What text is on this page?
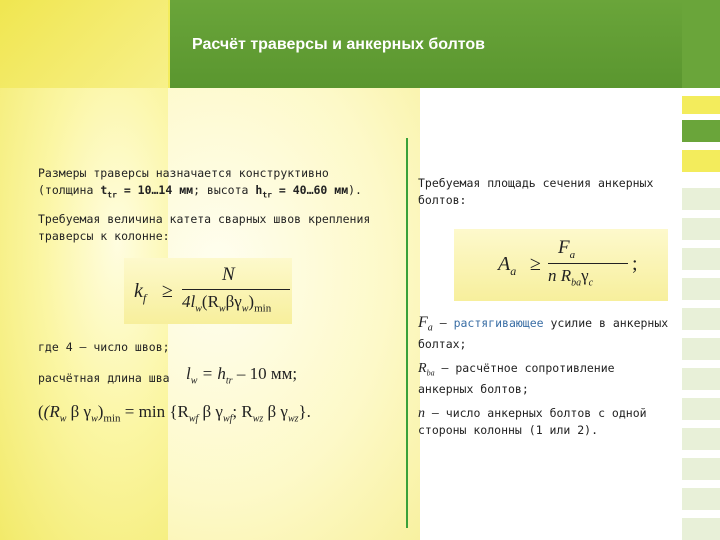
Расчёт траверсы и анкерных болтов
Размеры траверсы назначается конструктивно
(толщина $t_{tr}$ = 10…14 мм; высота $h_{tr}$ = 40…60 мм).
Требуемая величина катета сварных швов крепления
траверсы к колонне:
$k_f$ ≥
N
$4l_w(R_w\beta\gamma_w)_{min}$
где 4 – число швов;
расчётная длина шва $l_w = h_{tr} - 10$ мм;
(($R_w$ β $\gamma_w)_{min} = \min \{R_{wf}$ β $\gamma_{wf}$; $R_{wz}$ β $\gamma_{wz}$}.
Требуемая площадь сечения анкерных
болтов:
$A_a$ ≥
$F_a$
n $R_{ba}\gamma_c$
;
$F_a$ – растягивающее усилие в анкерных
болтах;
$R_{ba}$ – расчётное сопротивление
анкерных болтов;
n – число анкерных болтов с одной
стороны колонны (1 или 2).
